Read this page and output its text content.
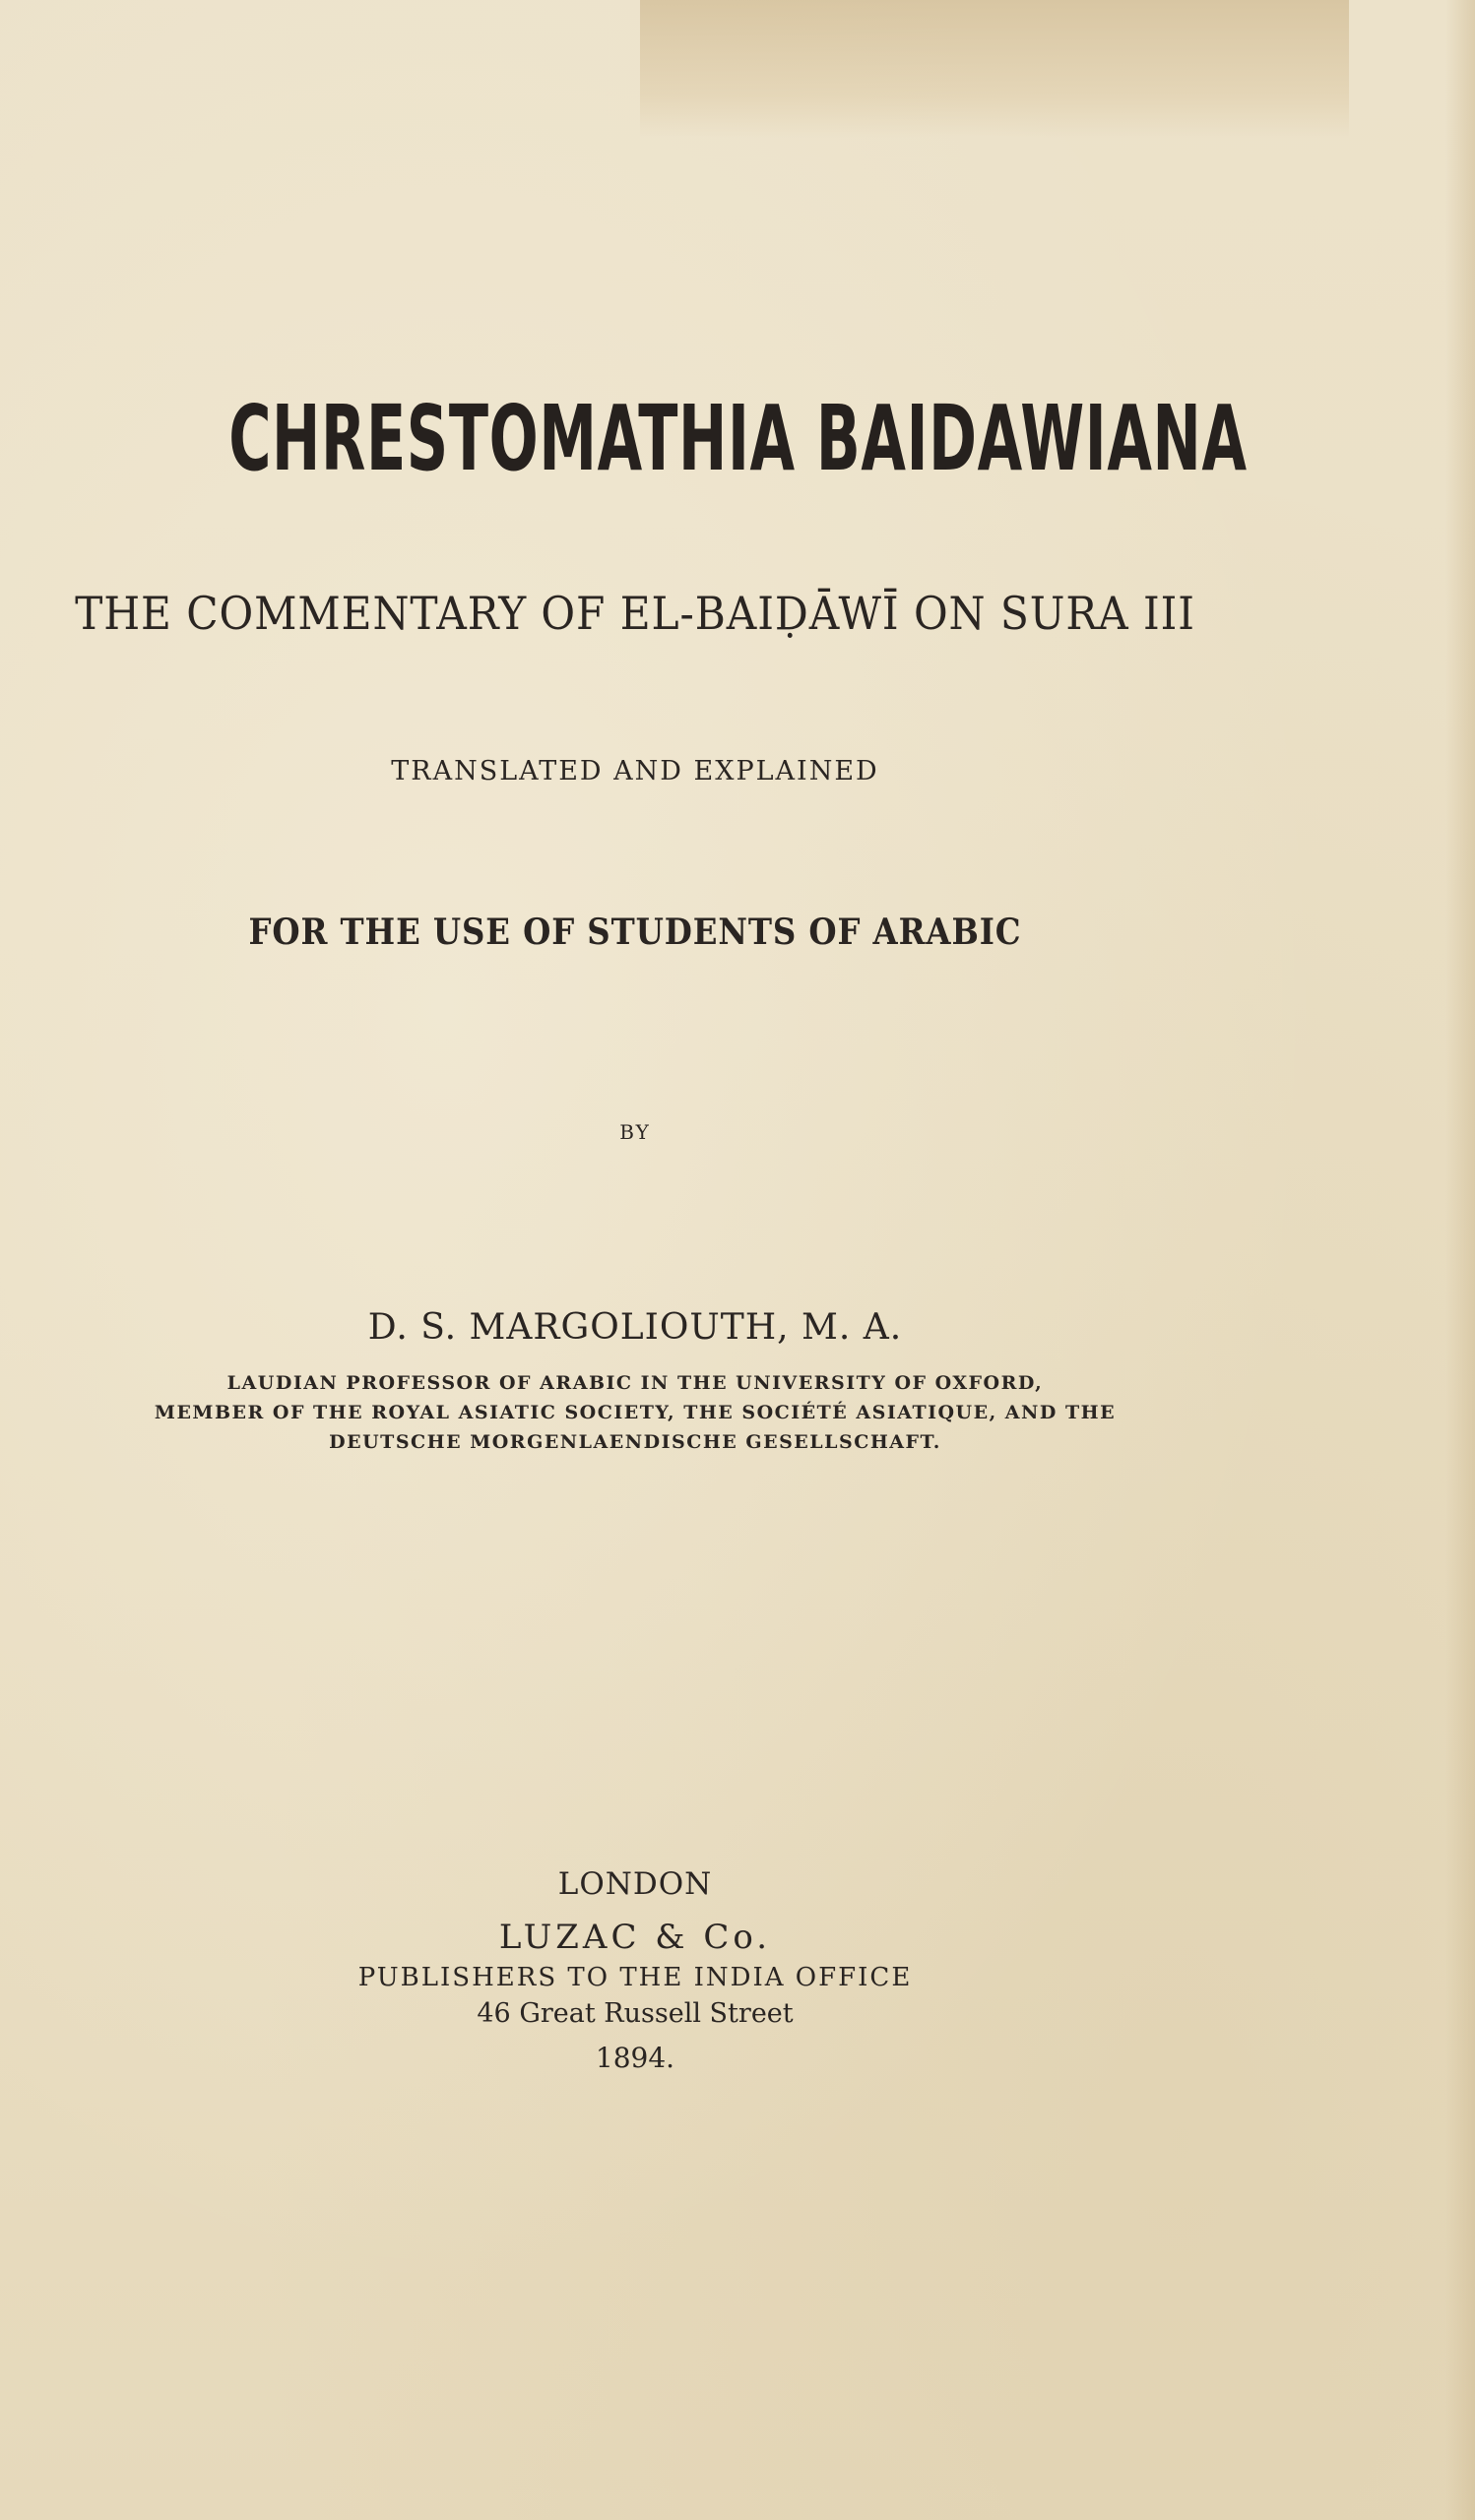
CHRESTOMATHIA BAIDAWIANA

THE COMMENTARY OF EL-BAIḌĀWĪ ON SURA III

TRANSLATED AND EXPLAINED

FOR THE USE OF STUDENTS OF ARABIC

BY

D. S. MARGOLIOUTH, M. A.

LAUDIAN PROFESSOR OF ARABIC IN THE UNIVERSITY OF OXFORD,

MEMBER OF THE ROYAL ASIATIC SOCIETY, THE SOCIÉTÉ ASIATIQUE, AND THE

DEUTSCHE MORGENLAENDISCHE GESELLSCHAFT.

LONDON

LUZAC & Co.

PUBLISHERS TO THE INDIA OFFICE

46 Great Russell Street

1894.
